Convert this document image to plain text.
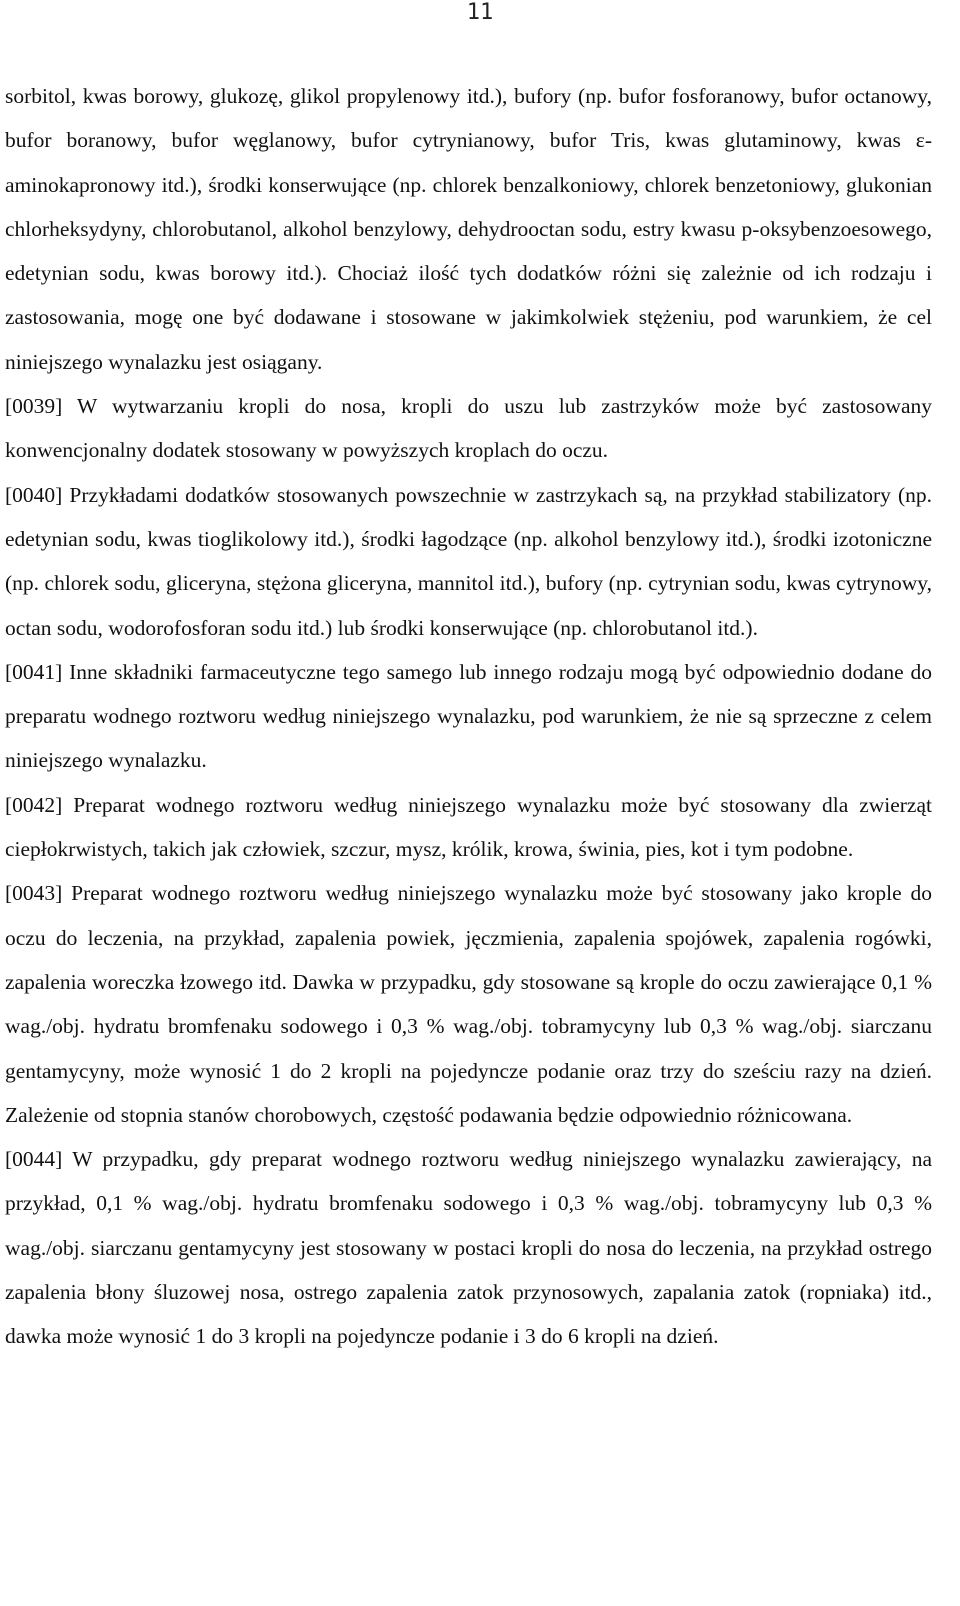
11

sorbitol, kwas borowy, glukozę, glikol propylenowy itd.), bufory (np. bufor fosforanowy, bufor octanowy, bufor boranowy, bufor węglanowy, bufor cytrynianowy, bufor Tris, kwas glutaminowy, kwas ε-aminokapronowy itd.), środki konserwujące (np. chlorek benzalkoniowy, chlorek benzetoniowy, glukonian chlorheksydyny, chlorobutanol, alkohol benzylowy, dehydrooctan sodu, estry kwasu p-oksybenzoesowego, edetynian sodu, kwas borowy itd.). Chociaż ilość tych dodatków różni się zależnie od ich rodzaju i zastosowania, mogę one być dodawane i stosowane w jakimkolwiek stężeniu, pod warunkiem, że cel niniejszego wynalazku jest osiągany.

[0039] W wytwarzaniu kropli do nosa, kropli do uszu lub zastrzyków może być zastosowany konwencjonalny dodatek stosowany w powyższych kroplach do oczu.

[0040] Przykładami dodatków stosowanych powszechnie w zastrzykach są, na przykład stabilizatory (np. edetynian sodu, kwas tioglikolowy itd.), środki łagodzące (np. alkohol benzylowy itd.), środki izotoniczne (np. chlorek sodu, gliceryna, stężona gliceryna, mannitol itd.), bufory (np. cytrynian sodu, kwas cytrynowy, octan sodu, wodorofosforan sodu itd.) lub środki konserwujące (np. chlorobutanol itd.).

[0041] Inne składniki farmaceutyczne tego samego lub innego rodzaju mogą być odpowiednio dodane do preparatu wodnego roztworu według niniejszego wynalazku, pod warunkiem, że nie są sprzeczne z celem niniejszego wynalazku.

[0042] Preparat wodnego roztworu według niniejszego wynalazku może być stosowany dla zwierząt ciepłokrwistych, takich jak człowiek, szczur, mysz, królik, krowa, świnia, pies, kot i tym podobne.

[0043] Preparat wodnego roztworu według niniejszego wynalazku może być stosowany jako krople do oczu do leczenia, na przykład, zapalenia powiek, jęczmienia, zapalenia spojówek, zapalenia rogówki, zapalenia woreczka łzowego itd. Dawka w przypadku, gdy stosowane są krople do oczu zawierające 0,1 % wag./obj. hydratu bromfenaku sodowego i 0,3 % wag./obj. tobramycyny lub 0,3 % wag./obj. siarczanu gentamycyny, może wynosić 1 do 2 kropli na pojedyncze podanie oraz trzy do sześciu razy na dzień. Zależenie od stopnia stanów chorobowych, częstość podawania będzie odpowiednio różnicowana.

[0044] W przypadku, gdy preparat wodnego roztworu według niniejszego wynalazku zawierający, na przykład, 0,1 % wag./obj. hydratu bromfenaku sodowego i 0,3 % wag./obj. tobramycyny lub 0,3 % wag./obj. siarczanu gentamycyny jest stosowany w postaci kropli do nosa do leczenia, na przykład ostrego zapalenia błony śluzowej nosa, ostrego zapalenia zatok przynosowych, zapalania zatok (ropniaka) itd., dawka może wynosić 1 do 3 kropli na pojedyncze podanie i 3 do 6 kropli na dzień.
